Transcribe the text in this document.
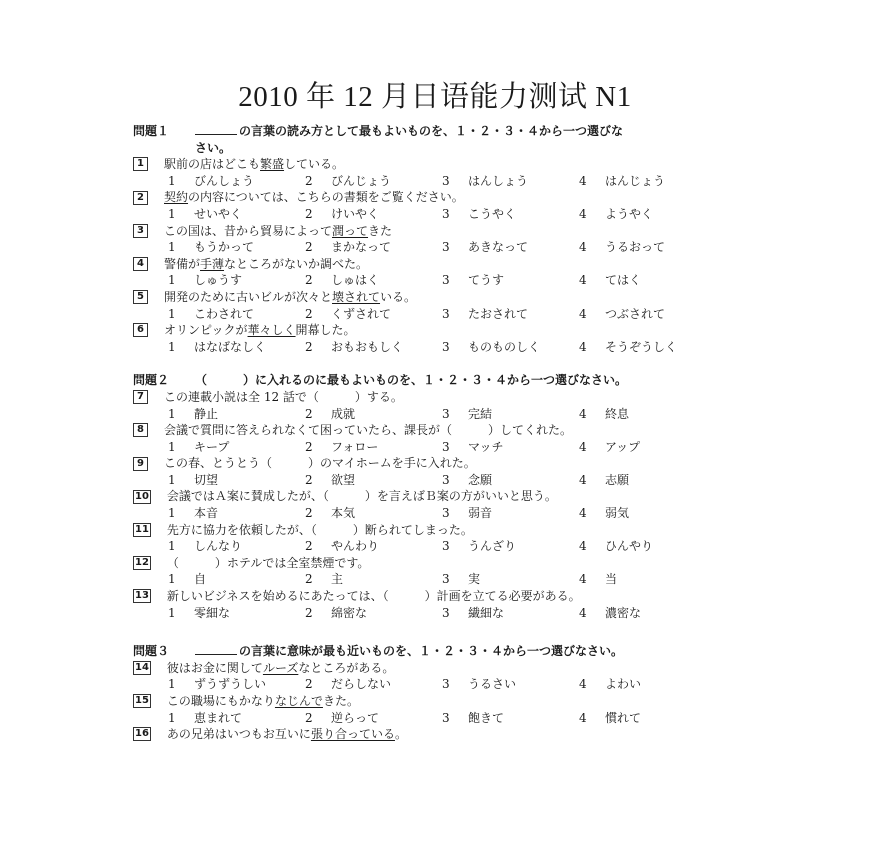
2010 年 12 月日语能力测试 N1
問題１	の言葉の読み方として最もよいものを、１・２・３・４から一つ選びな
さい。
1	駅前の店はどこも繁盛している。
1 びんしょう	2 びんじょう	3 はんしょう	4 はんじょう
2	契約の内容については、こちらの書類をご覧ください。
1 せいやく	2 けいやく	3 こうやく	4 ようやく
3	この国は、昔から貿易によって潤ってきた
1 もうかって	2 まかなって	3 あきなって	4 うるおって
4	警備が手薄なところがないか調べた。
1 しゅうす	2 しゅはく	3 てうす	4 てはく
5	開発のために古いビルが次々と壊されている。
1 こわされて	2 くずされて	3 たおされて	4 つぶされて
6	オリンピックが華々しく開幕した。
1 はなばなしく	2 おもおもしく	3 ものものしく	4 そうぞうしく
問題２	（　　　）に入れるのに最もよいものを、１・２・３・４から一つ選びなさい。
7	この連載小説は全 12 話で（　　　）する。
1 静止	2 成就	3 完結	4 終息
8	会議で質問に答えられなくて困っていたら、課長が（　　　）してくれた。
1 キープ	2 フォロー	3 マッチ	4 アップ
9	この春、とうとう（　　　）のマイホームを手に入れた。
1 切望	2 欲望	3 念願	4 志願
10 会議ではＡ案に賛成したが、（　　　）を言えばＢ案の方がいいと思う。
1 本音	2 本気	3 弱音	4 弱気
11 先方に協力を依頼したが、（　　　）断られてしまった。
1 しんなり	2 やんわり	3 うんざり	4 ひんやり
12 （　　　）ホテルでは全室禁煙です。
1 自	2 主	3 実	4 当
13 新しいビジネスを始めるにあたっては、（　　　）計画を立てる必要がある。
1 零細な	2 綿密な	3 繊細な	4 濃密な
問題３	の言葉に意味が最も近いものを、１・２・３・４から一つ選びなさい。
14 彼はお金に関してルーズなところがある。
1 ずうずうしい	2 だらしない	3 うるさい	4 よわい
15 この職場にもかなりなじんできた。
1 恵まれて	2 逆らって	3 飽きて	4 慣れて
16 あの兄弟はいつもお互いに張り合っている。
